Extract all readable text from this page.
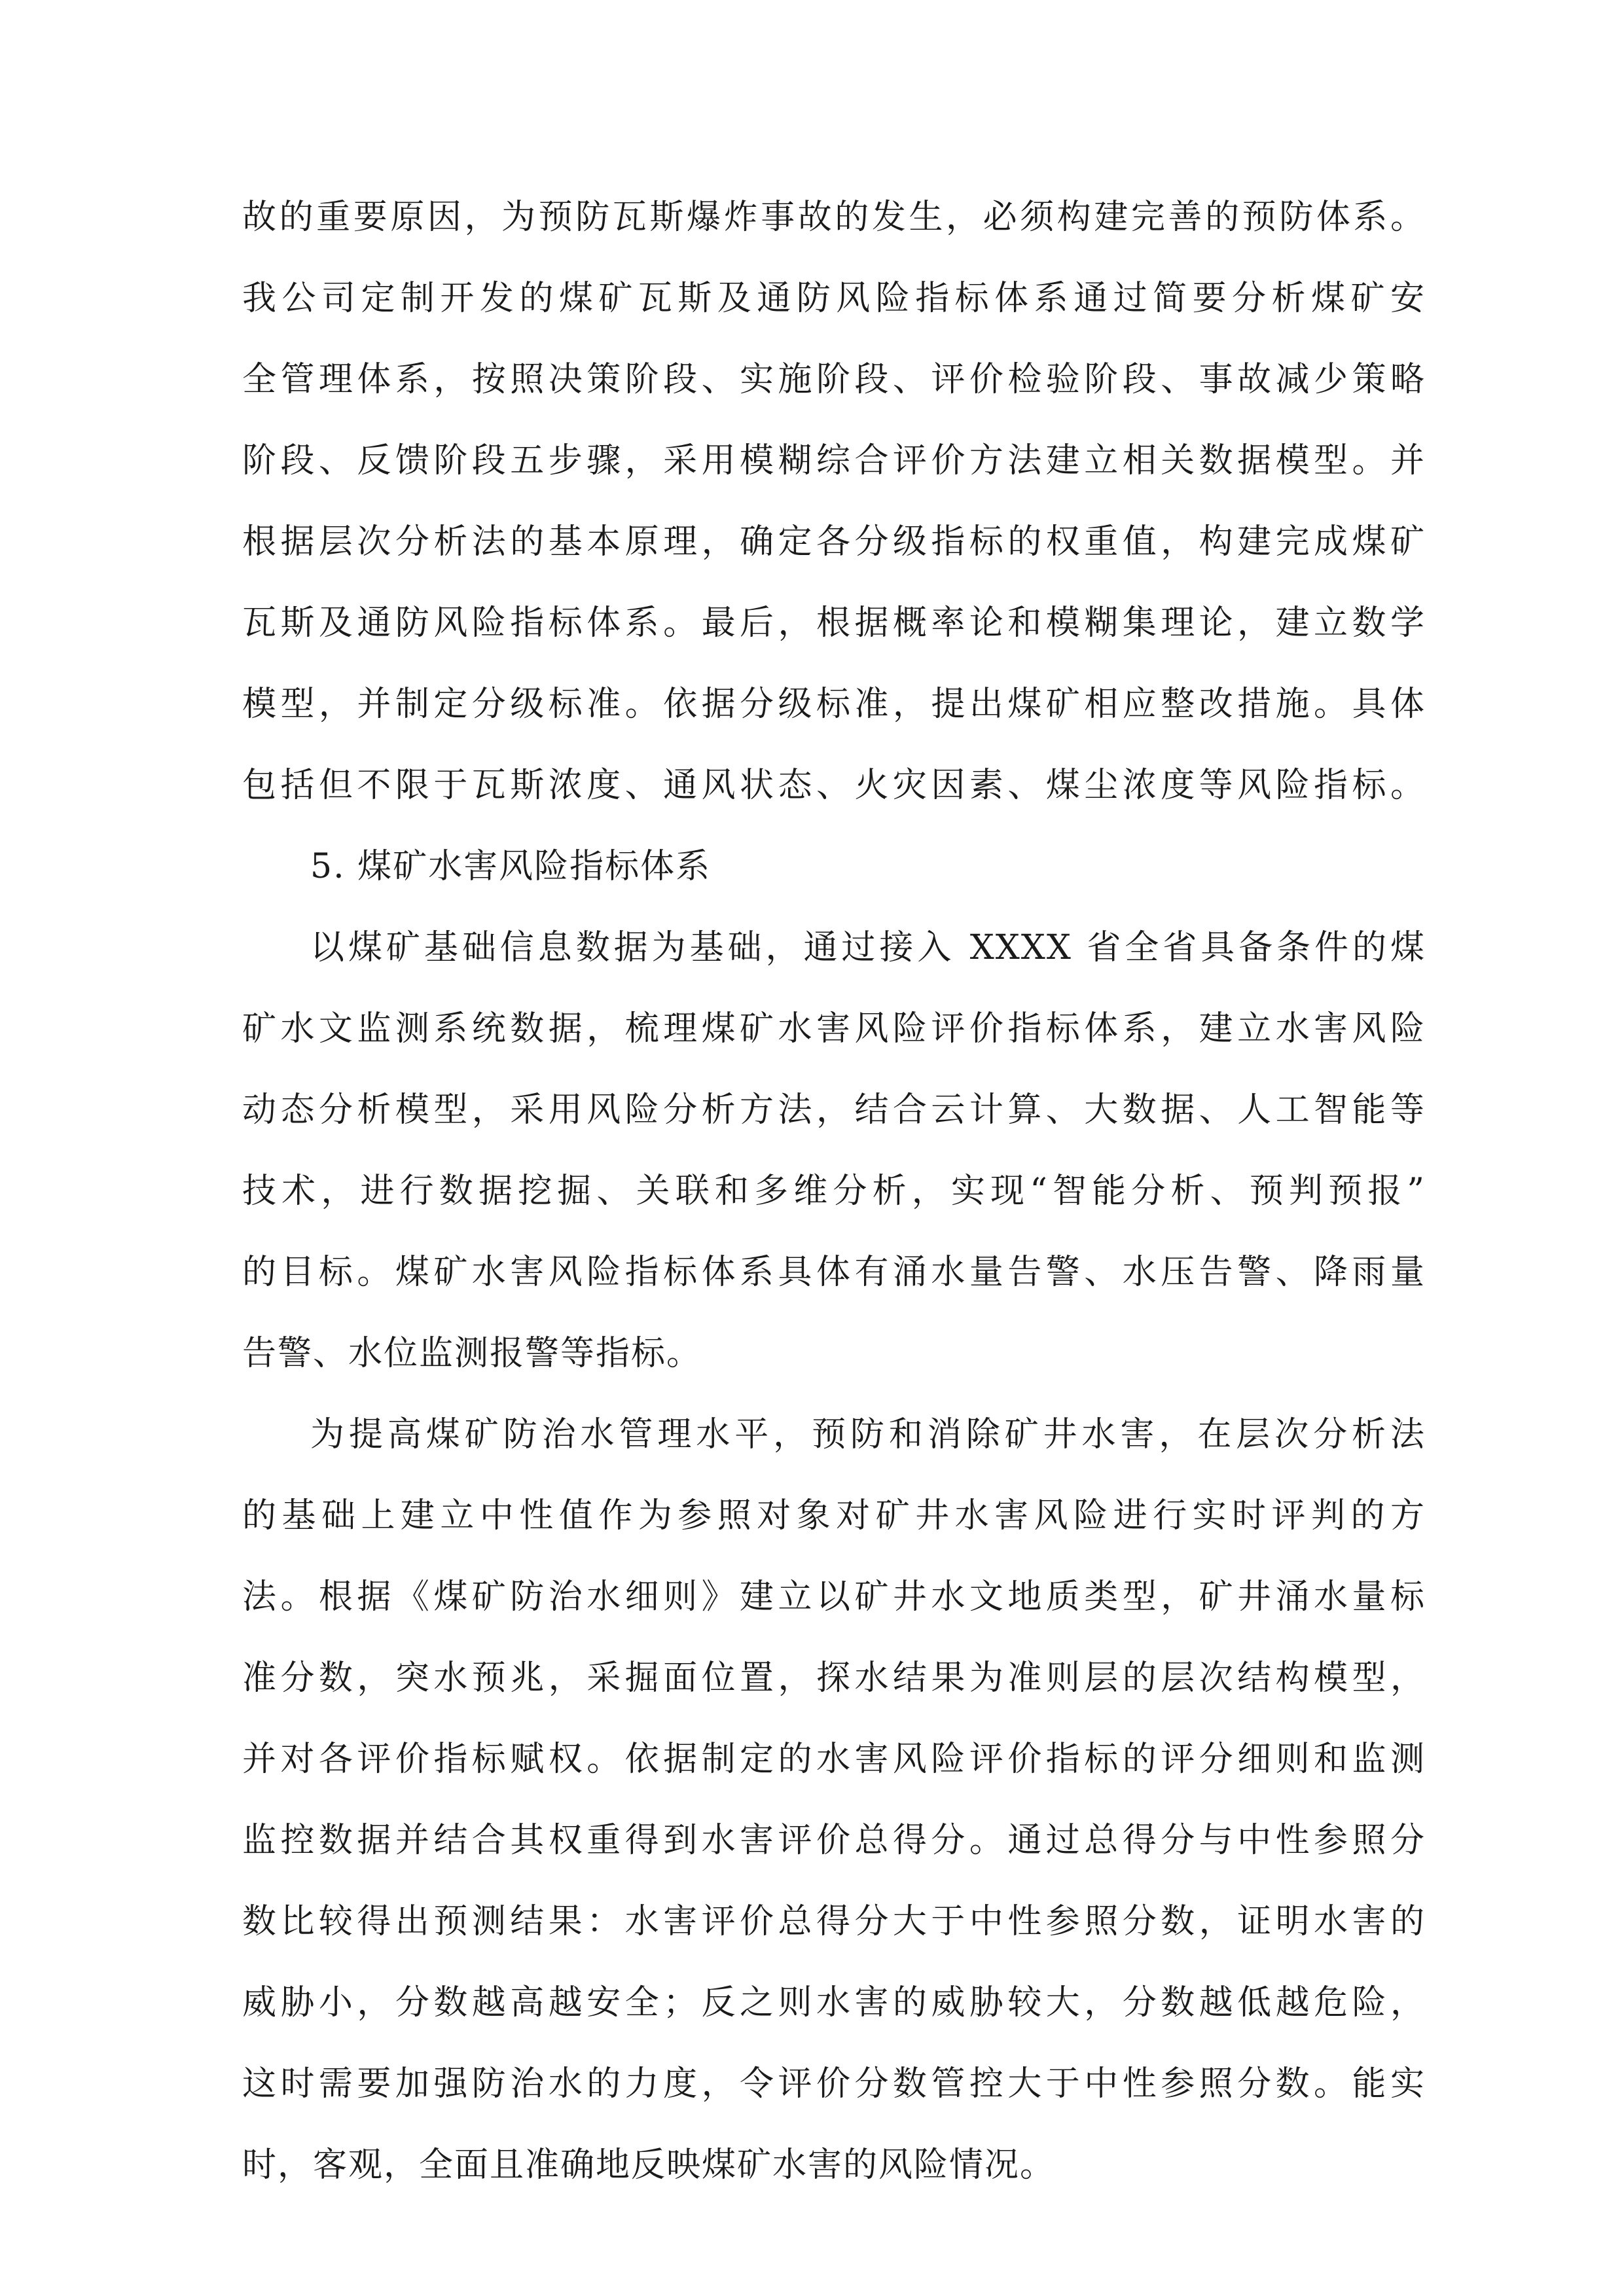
故的重要原因，为预防瓦斯爆炸事故的发生，必须构建完善的预防体系。
我公司定制开发的煤矿瓦斯及通防风险指标体系通过简要分析煤矿安
全管理体系，按照决策阶段、实施阶段、评价检验阶段、事故减少策略
阶段、反馈阶段五步骤，采用模糊综合评价方法建立相关数据模型。并
根据层次分析法的基本原理，确定各分级指标的权重值，构建完成煤矿
瓦斯及通防风险指标体系。最后，根据概率论和模糊集理论，建立数学
模型，并制定分级标准。依据分级标准，提出煤矿相应整改措施。具体
包括但不限于瓦斯浓度、通风状态、火灾因素、煤尘浓度等风险指标。
5. 煤矿水害风险指标体系
以煤矿基础信息数据为基础，通过接入 XXXX 省全省具备条件的煤
矿水文监测系统数据，梳理煤矿水害风险评价指标体系，建立水害风险
动态分析模型，采用风险分析方法，结合云计算、大数据、人工智能等
技术，进行数据挖掘、关联和多维分析，实现“智能分析、预判预报”
的目标。煤矿水害风险指标体系具体有涌水量告警、水压告警、降雨量
告警、水位监测报警等指标。
为提高煤矿防治水管理水平，预防和消除矿井水害，在层次分析法
的基础上建立中性值作为参照对象对矿井水害风险进行实时评判的方
法。根据《煤矿防治水细则》建立以矿井水文地质类型，矿井涌水量标
准分数，突水预兆，采掘面位置，探水结果为准则层的层次结构模型，
并对各评价指标赋权。依据制定的水害风险评价指标的评分细则和监测
监控数据并结合其权重得到水害评价总得分。通过总得分与中性参照分
数比较得出预测结果：水害评价总得分大于中性参照分数，证明水害的
威胁小，分数越高越安全；反之则水害的威胁较大，分数越低越危险，
这时需要加强防治水的力度，令评价分数管控大于中性参照分数。能实
时，客观，全面且准确地反映煤矿水害的风险情况。
